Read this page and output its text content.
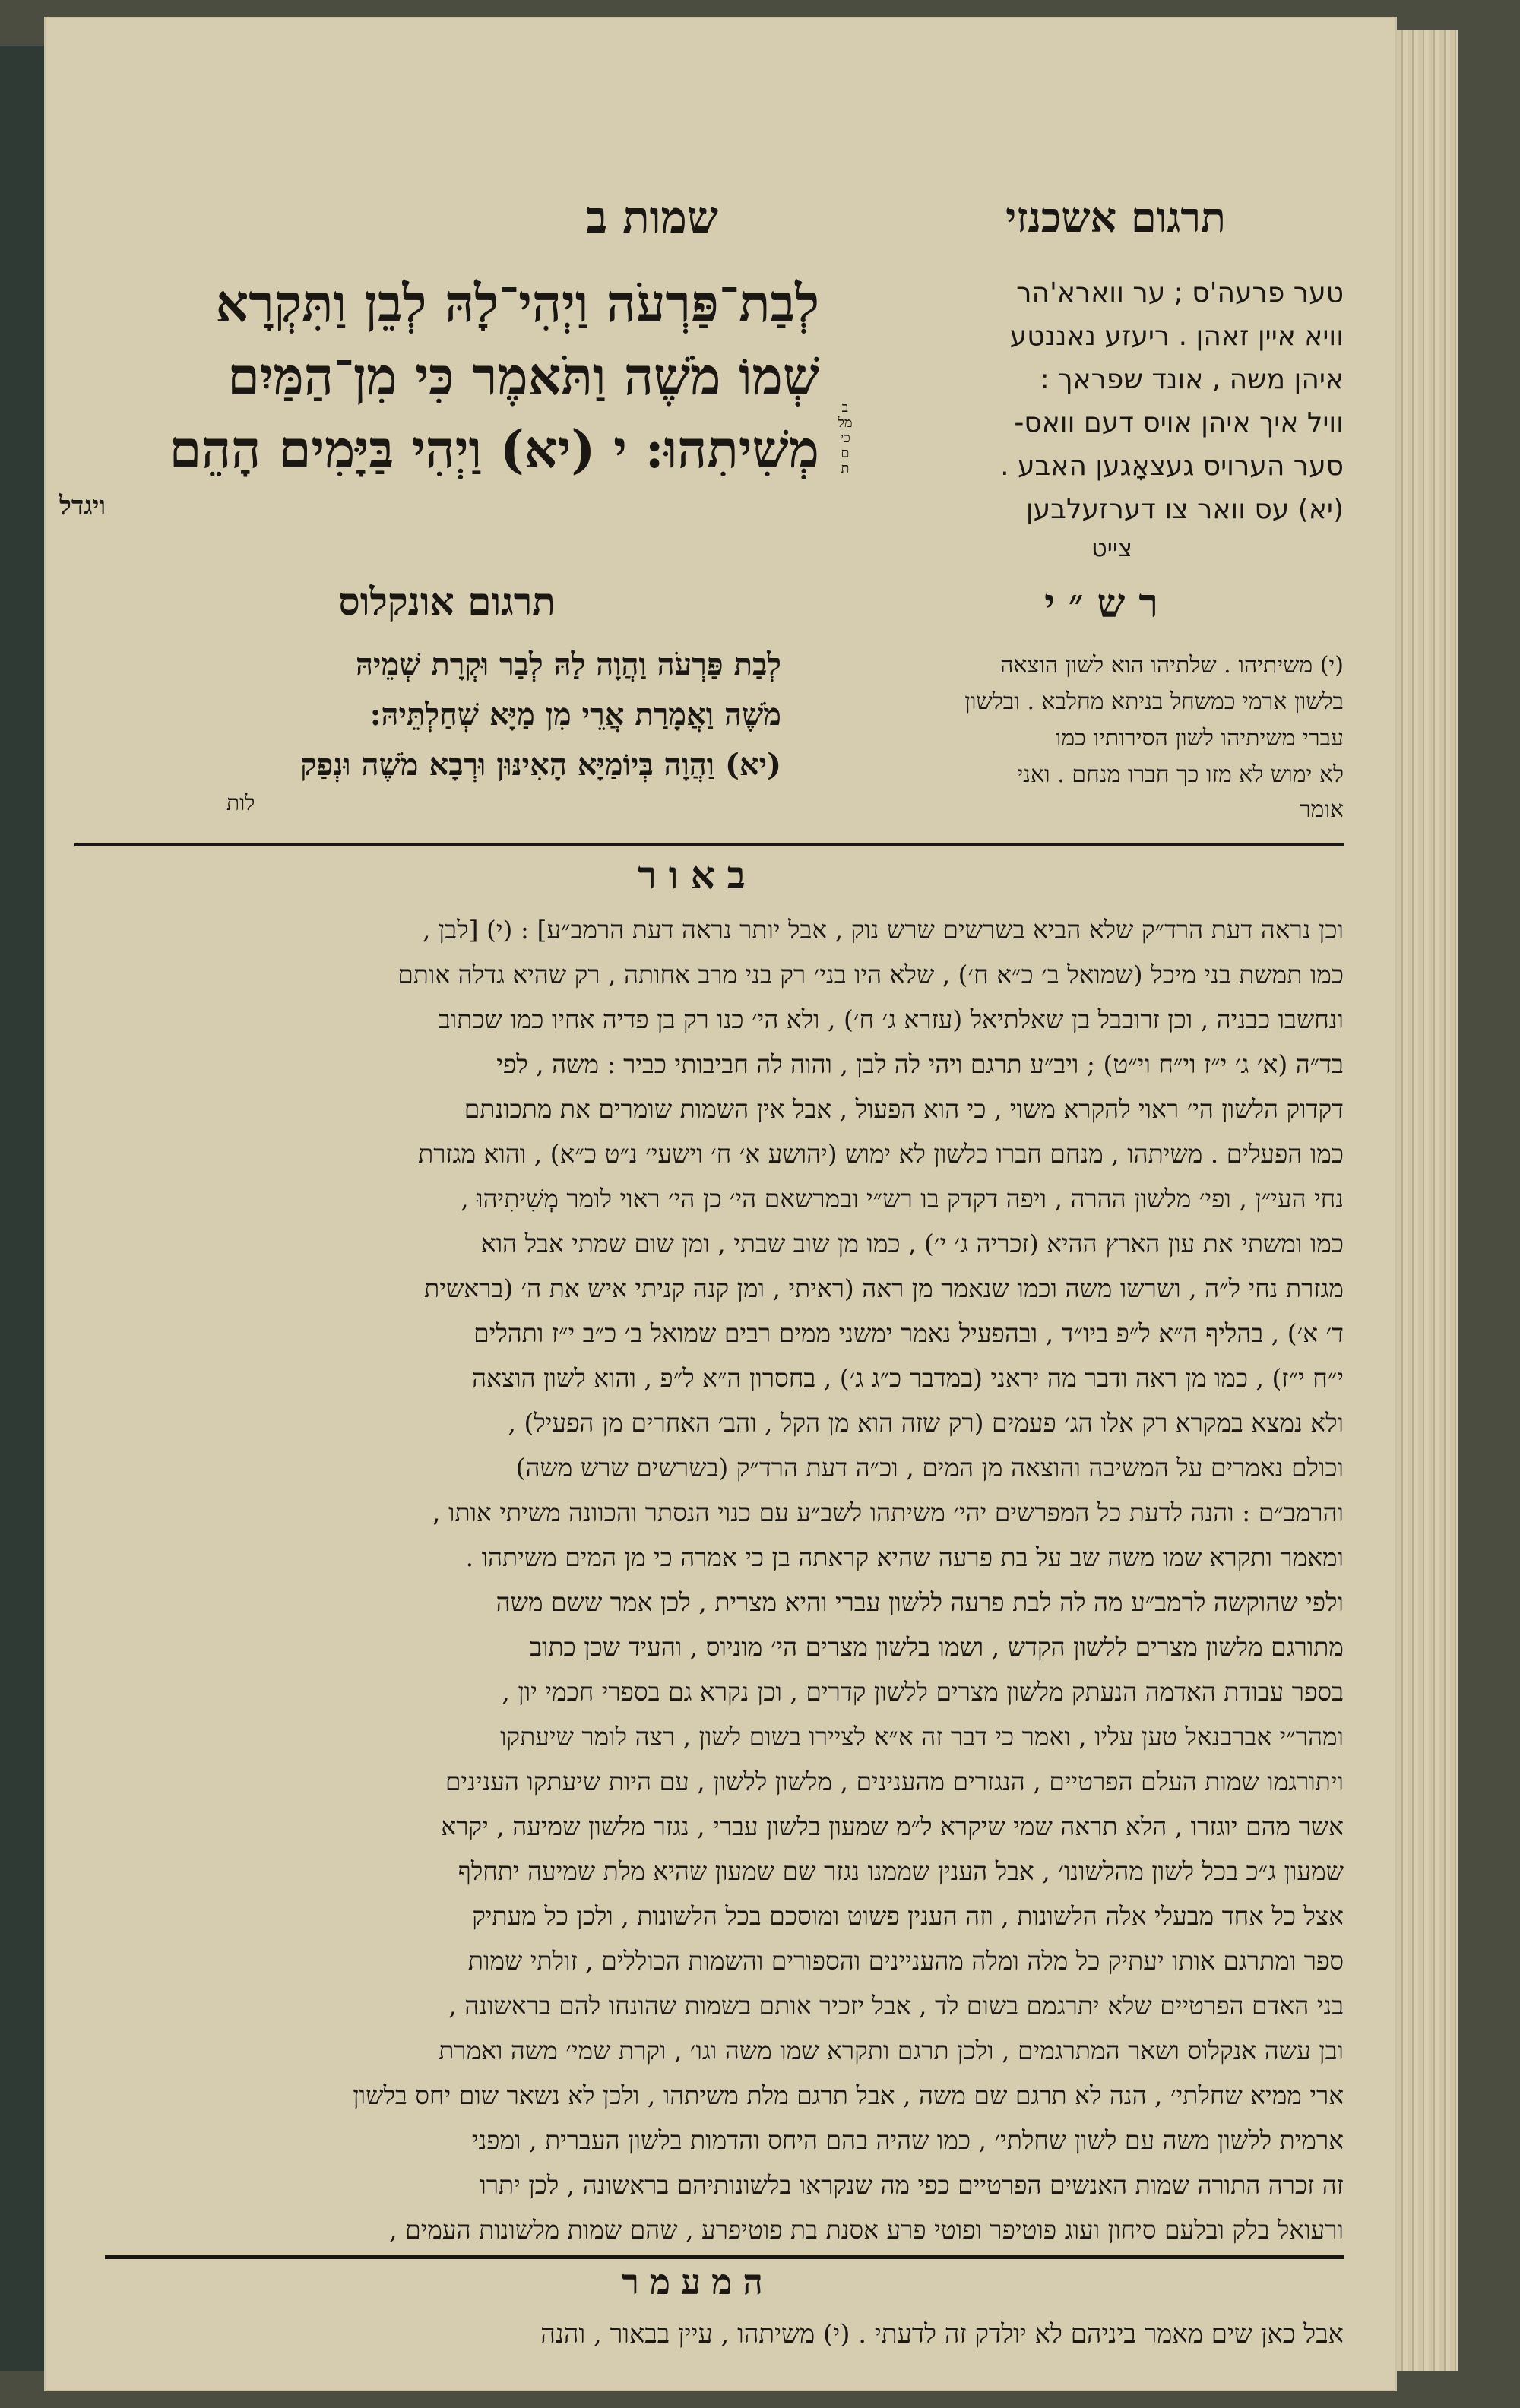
שמות ב	תרגום אשכנזי
לְבַת־פַּרְעֹה וַיְהִי־לָהּ לְבֵן וַתִּקְרָא
שְׁמוֹ מֹשֶׁה וַתֹּאמֶר כִּי מִן־הַמַּיִם
מְשִׁיתִהוּ: י (יא) וַיְהִי בַּיָּמִים הָהֵם
ויגדל
טער פרעה'ס ; ער ווארא'הר
וויא איין זאהן . ריעזע נאננטע
איהן משה , אונד שפראך :
וויל איך איהן אויס דעם וואס-
סער הערויס געצאָגען האבע .
(יא) עס וואר צו דערזעלבען
צייט
ב מלכים ת
תרגום אונקלוס	רש״י
לְבַת פַּרְעֹה וַהֲוָה לַהּ לְבַר וּקְרָת שְׁמֵיהּ
מֹשֶׁה וַאֲמָרַת אֲרֵי מִן מַיָּא שְׁחַלְתֵּיהּ:
(יא) וַהֲוָה בְּיוֹמַיָּא הָאִינּוּן וּרְבָא מֹשֶׁה וּנְפַק
לות
(י) משיתיהו . שלתיהו הוא לשון הוצאה
בלשון ארמי כמשחל בניתא מחלבא . ובלשון
עברי משיתיהו לשון הסירותיו כמו
לא ימוש לא מזו כך חברו מנחם . ואני
אומר
באור
וכן נראה דעת הרד״ק שלא הביא בשרשים שרש נוק , אבל יותר נראה דעת הרמב״ע] : (י) [לבן ,
כמו תמשת בני מיכל (שמואל ב׳ כ״א ח׳) , שלא היו בני׳ רק בני מרב אחותה , רק שהיא גדלה אותם
ונחשבו כבניה , וכן זרובבל בן שאלתיאל (עזרא ג׳ ח׳) , ולא הי׳ כנו רק בן פדיה אחיו כמו שכתוב
בד״ה (א׳ ג׳ י״ז וי״ח וי״ט) ; ויב״ע תרגם ויהי לה לבן , והוה לה חביבותי כביר : משה , לפי
דקדוק הלשון הי׳ ראוי להקרא משוי , כי הוא הפעול , אבל אין השמות שומרים את מתכונתם
כמו הפעלים . משיתהו , מנחם חברו כלשון לא ימוש (יהושע א׳ ח׳ וישעי׳ נ״ט כ״א) , והוא מגזרת
נחי העי״ן , ופי׳ מלשון ההרה , ויפה דקדק בו רש״י ובמרשאם הי׳ כן הי׳ ראוי לומר מְשִׁיתִיהוּ ,
כמו ומשתי את עון הארץ ההיא (זכריה ג׳ י׳) , כמו מן שוב שבתי , ומן שום שמתי אבל הוא
מגזרת נחי ל״ה , ושרשו משה וכמו שנאמר מן ראה (ראיתי , ומן קנה קניתי איש את ה׳ (בראשית
ד׳ א׳) , בהליף ה״א ל״פ ביו״ד , ובהפעיל נאמר ימשני ממים רבים שמואל ב׳ כ״ב י״ז ותהלים
י״ח י״ז) , כמו מן ראה ודבר מה יראני (במדבר כ״ג ג׳) , בחסרון ה״א ל״פ , והוא לשון הוצאה
ולא נמצא במקרא רק אלו הג׳ פעמים (רק שזה הוא מן הקל , והב׳ האחרים מן הפעיל) ,
וכולם נאמרים על המשיבה והוצאה מן המים , וכ״ה דעת הרד״ק (בשרשים שרש משה)
והרמב״ם : והנה לדעת כל המפרשים יהי׳ משיתהו לשב״ע עם כנוי הנסתר והכוונה משיתי אותו ,
ומאמר ותקרא שמו משה שב על בת פרעה שהיא קראתה בן כי אמרה כי מן המים משיתהו .
ולפי שהוקשה לרמב״ע מה לה לבת פרעה ללשון עברי והיא מצרית , לכן אמר ששם משה
מתורגם מלשון מצרים ללשון הקדש , ושמו בלשון מצרים הי׳ מוניוס , והעיד שכן כתוב
בספר עבודת האדמה הנעתק מלשון מצרים ללשון קדרים , וכן נקרא גם בספרי חכמי יון ,
ומהר״י אברבנאל טען עליו , ואמר כי דבר זה א״א לציירו בשום לשון , רצה לומר שיעתקו
ויתורגמו שמות העלם הפרטיים , הנגזרים מהענינים , מלשון ללשון , עם היות שיעתקו הענינים
אשר מהם יוגזרו , הלא תראה שמי שיקרא ל״מ שמעון בלשון עברי , נגזר מלשון שמיעה , יקרא
שמעון ג״כ בכל לשון מהלשונו׳ , אבל הענין שממנו נגזר שם שמעון שהיא מלת שמיעה יתחלף
אצל כל אחד מבעלי אלה הלשונות , וזה הענין פשוט ומוסכם בכל הלשונות , ולכן כל מעתיק
ספר ומתרגם אותו יעתיק כל מלה ומלה מהעניינים והספורים והשמות הכוללים , זולתי שמות
בני האדם הפרטיים שלא יתרגמם בשום לד , אבל יזכיר אותם בשמות שהונחו להם בראשונה ,
ובן עשה אנקלוס ושאר המתרגמים , ולכן תרגם ותקרא שמו משה וגו׳ , וקרת שמי׳ משה ואמרת
ארי ממיא שחלתי׳ , הנה לא תרגם שם משה , אבל תרגם מלת משיתהו , ולכן לא נשאר שום יחס בלשון
ארמית ללשון משה עם לשון שחלתי׳ , כמו שהיה בהם היחס והדמות בלשון העברית , ומפני
זה זכרה התורה שמות האנשים הפרטיים כפי מה שנקראו בלשונותיהם בראשונה , לכן יתרו
ורעואל בלק ובלעם סיחון ועוג פוטיפר ופוטי פרע אסנת בת פוטיפרע , שהם שמות מלשונות העמים ,
המעמר
אבל כאן שים מאמר ביניהם לא יולדק זה לדעתי . (י) משיתהו , עיין בבאור , והנה
